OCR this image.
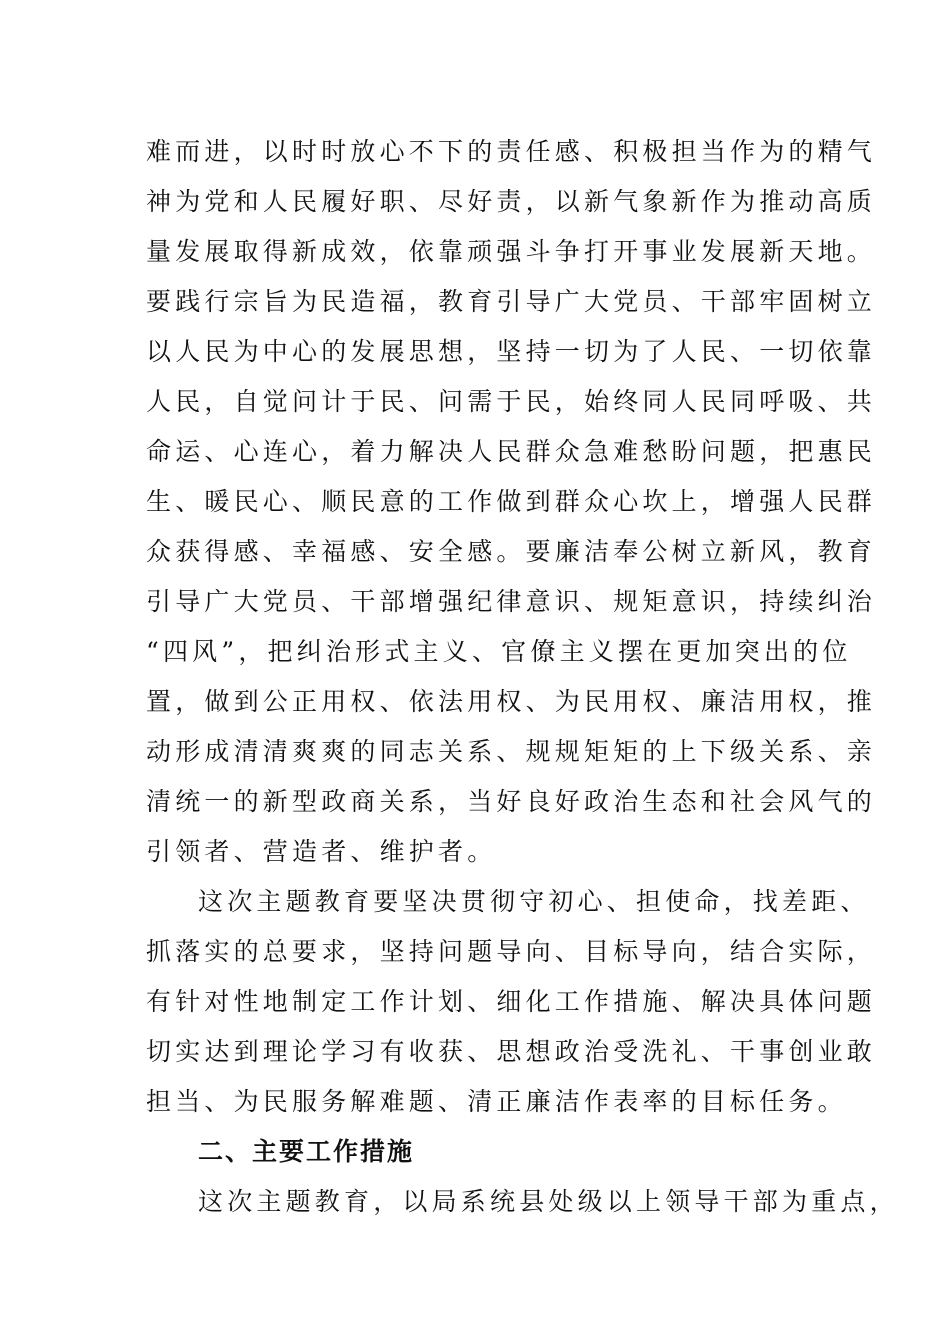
难而进，以时时放心不下的责任感、积极担当作为的精气
神为党和人民履好职、尽好责，以新气象新作为推动高质
量发展取得新成效，依靠顽强斗争打开事业发展新天地。
要践行宗旨为民造福，教育引导广大党员、干部牢固树立
以人民为中心的发展思想，坚持一切为了人民、一切依靠
人民，自觉问计于民、问需于民，始终同人民同呼吸、共
命运、心连心，着力解决人民群众急难愁盼问题，把惠民
生、暖民心、顺民意的工作做到群众心坎上，增强人民群
众获得感、幸福感、安全感。要廉洁奉公树立新风，教育
引导广大党员、干部增强纪律意识、规矩意识，持续纠治
“四风”，把纠治形式主义、官僚主义摆在更加突出的位
置，做到公正用权、依法用权、为民用权、廉洁用权，推
动形成清清爽爽的同志关系、规规矩矩的上下级关系、亲
清统一的新型政商关系，当好良好政治生态和社会风气的
引领者、营造者、维护者。
这次主题教育要坚决贯彻守初心、担使命，找差距、
抓落实的总要求，坚持问题导向、目标导向，结合实际，
有针对性地制定工作计划、细化工作措施、解决具体问题
切实达到理论学习有收获、思想政治受洗礼、干事创业敢
担当、为民服务解难题、清正廉洁作表率的目标任务。
二、主要工作措施
这次主题教育，以局系统县处级以上领导干部为重点，
